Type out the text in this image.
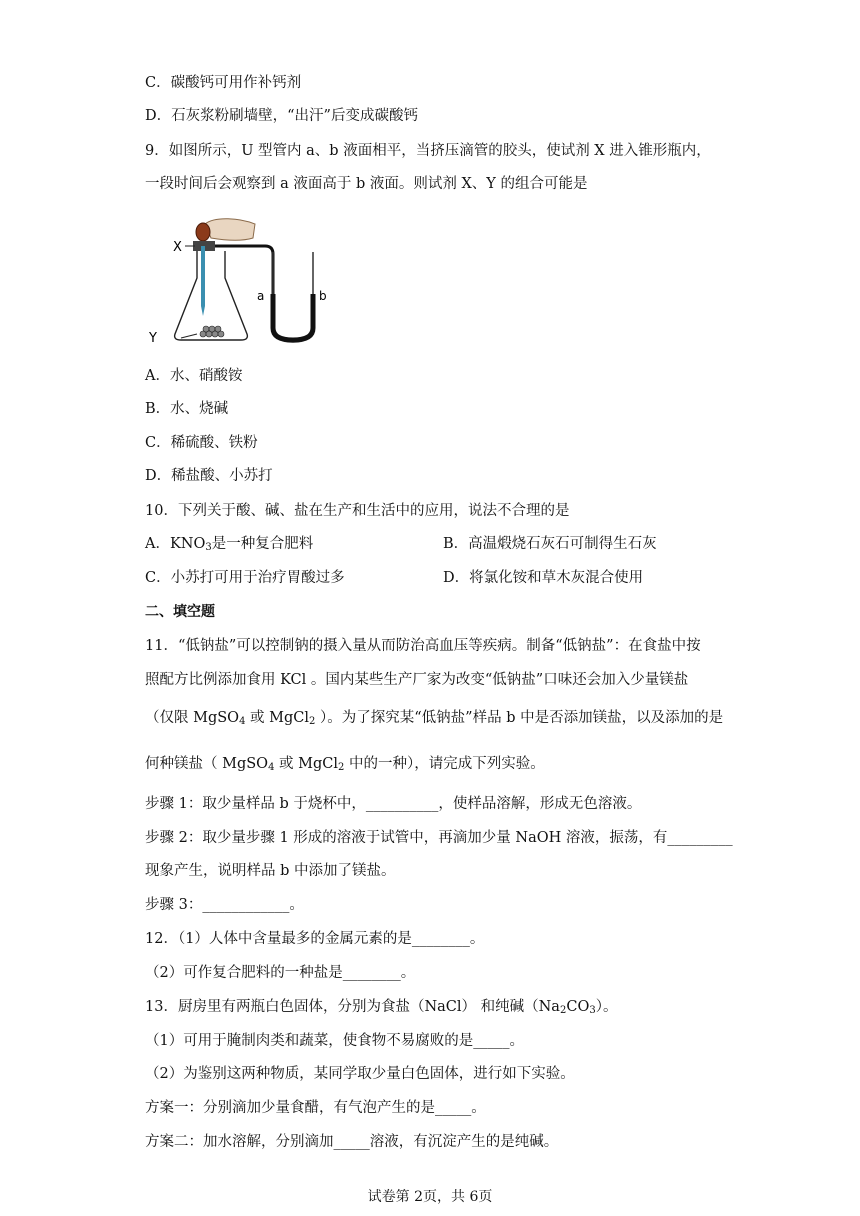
C．碳酸钙可用作补钙剂
D．石灰浆粉刷墙壁，“出汗”后变成碳酸钙
9．如图所示，U 型管内 a、b 液面相平，当挤压滴管的胶头，使试剂 X 进入锥形瓶内，
一段时间后会观察到 a 液面高于 b 液面。则试剂 X、Y 的组合可能是
X
Y
a	b
A．水、硝酸铵
B．水、烧碱
C．稀硫酸、铁粉
D．稀盐酸、小苏打
10．下列关于酸、碱、盐在生产和生活中的应用，说法不合理的是
A．$KNO_3$是一种复合肥料	B．高温煅烧石灰石可制得生石灰
C．小苏打可用于治疗胃酸过多	D．将氯化铵和草木灰混合使用
二、填空题
11．“低钠盐”可以控制钠的摄入量从而防治高血压等疾病。制备“低钠盐”：在食盐中按
照配方比例添加食用 KCl 。国内某些生产厂家为改变“低钠盐”口味还会加入少量镁盐
（仅限 MgSO$_4$ 或 MgCl$_2$ ）。为了探究某“低钠盐”样品 b 中是否添加镁盐，以及添加的是
何种镁盐（ MgSO$_4$ 或 MgCl$_2$ 中的一种），请完成下列实验。
步骤 1：取少量样品 b 于烧杯中，__________，使样品溶解，形成无色溶液。
步骤 2：取少量步骤 1 形成的溶液于试管中，再滴加少量 NaOH 溶液，振荡，有_________
现象产生，说明样品 b 中添加了镁盐。
步骤 3：____________。
12．（1）人体中含量最多的金属元素的是________。
（2）可作复合肥料的一种盐是________。
13．厨房里有两瓶白色固体，分别为食盐（NaCl） 和纯碱$(Na_2CO_3)$。
（1）可用于腌制肉类和蔬菜，使食物不易腐败的是_____。
（2）为鉴别这两种物质，某同学取少量白色固体，进行如下实验。
方案一：分别滴加少量食醋，有气泡产生的是_____。
方案二：加水溶解，分别滴加_____溶液，有沉淀产生的是纯碱。
试卷第 2页，共 6页
